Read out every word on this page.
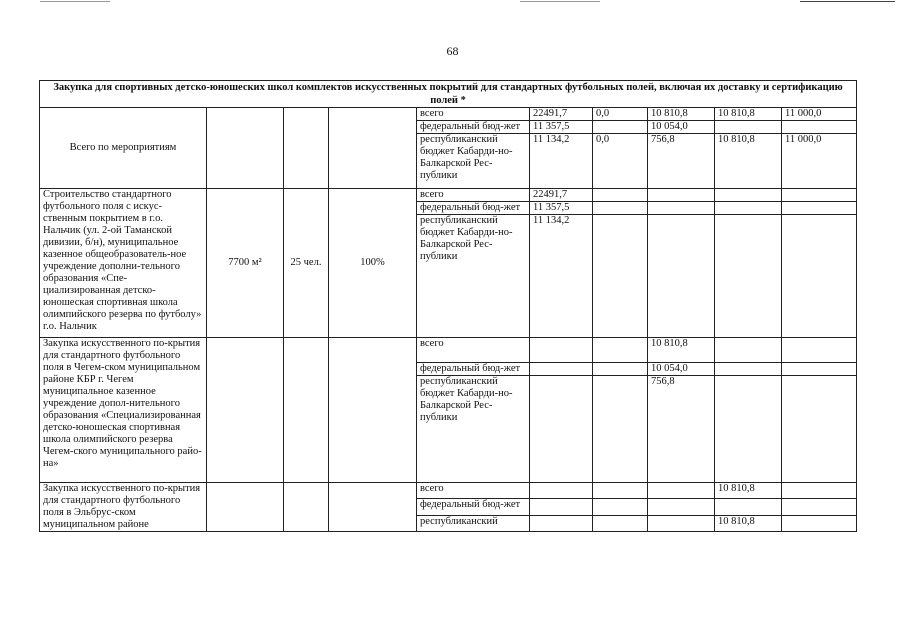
68
Закупка для спортивных детско-юношеских школ комплектов искусственных покрытий для стандартных футбольных полей, включая их доставку и сертификацию полей *									
Всего по мероприятиям				всего	22491,7	0,0	10 810,8	10 810,8	11 000,0
				федеральный бюд-жет	11 357,5		10 054,0		
				республиканский бюджет Кабарди-но-Балкарской Рес-публики	11 134,2	0,0	756,8	10 810,8	11 000,0
Строительство стандартного футбольного поля с искус-ственным покрытием в г.о. Нальчик (ул. 2-ой Таманской дивизии, б/н), муниципальное казенное общеобразователь-ное учреждение дополни-тельного образования «Спе-циализированная детско-юношеская спортивная школа олимпийского резерва по футболу» г.о. Нальчик	7700 м²	25 чел.	100%	всего	22491,7				
				федеральный бюд-жет	11 357,5				
				республиканский бюджет Кабарди-но-Балкарской Рес-публики	11 134,2				
Закупка искусственного по-крытия для стандартного футбольного поля в Чегем-ском муниципальном районе КБР г. Чегем муниципальное казенное учреждение допол-нительного образования «Специализированная детско-юношеская спортивная школа олимпийского резерва Чегем-ского муниципального райо-на»				всего			10 810,8		
				федеральный бюд-жет			10 054,0		
				республиканский бюджет Кабарди-но-Балкарской Рес-публики			756,8		
Закупка искусственного по-крытия для стандартного футбольного поля в Эльбрус-ском муниципальном районе				всего				10 810,8	
				федеральный бюд-жет					
				республиканский				10 810,8	
